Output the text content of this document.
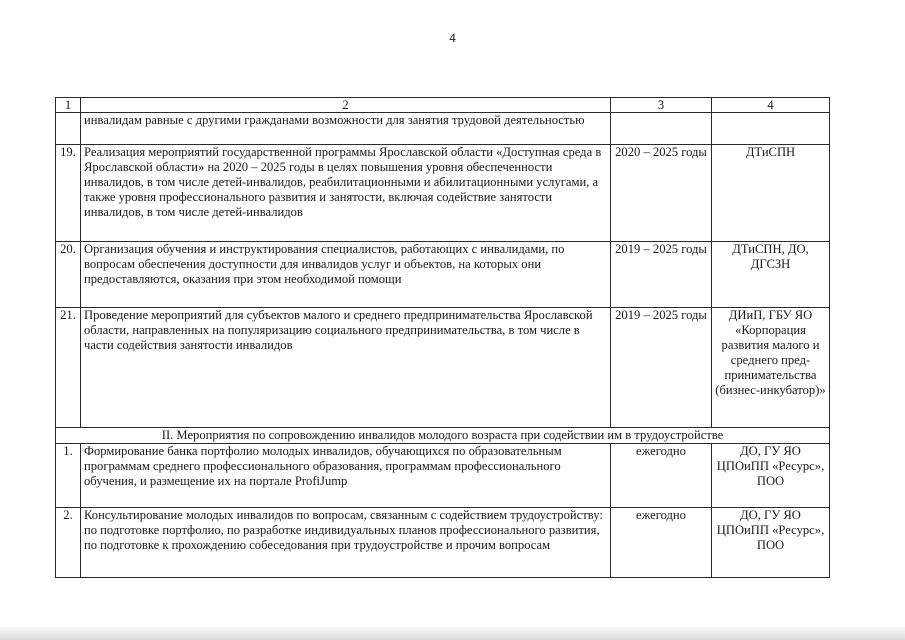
4
1	2	3	4
	инвалидам равные с другими гражданами возможности для занятия трудовой деятельностью		
19.	Реализация мероприятий государственной программы Ярославской области «Доступная среда в Ярославской области» на 2020 – 2025 годы в целях повышения уровня обеспеченности инвалидов, в том числе детей-инвалидов, реабилитационными и абилитационными услугами, а также уровня профессионального развития и занятости, включая содействие занятости инвалидов, в том числе детей-инвалидов	2020 – 2025 годы	ДТиСПН
20.	Организация обучения и инструктирования специалистов, работающих с инвалидами, по вопросам обеспечения доступности для инвалидов услуг и объектов, на которых они предоставляются, оказания при этом необходимой помощи	2019 – 2025 годы	ДТиСПН, ДО, ДГСЗН
21.	Проведение мероприятий для субъектов малого и среднего предпринимательства Ярославской области, направленных на популяризацию социального предпринимательства, в том числе в части содействия занятости инвалидов	2019 – 2025 годы	ДИиП, ГБУ ЯО «Корпорация развития малого и среднего пред-принимательства (бизнес-инкубатор)»
II. Мероприятия по сопровождению инвалидов молодого возраста при содействии им в трудоустройстве			
1.	Формирование банка портфолио молодых инвалидов, обучающихся по образовательным программам среднего профессионального образования, программам профессионального обучения, и размещение их на портале ProfiJump	ежегодно	ДО, ГУ ЯО ЦПОиПП «Ресурс», ПОО
2.	Консультирование молодых инвалидов по вопросам, связанным с содействием трудоустройству: по подготовке портфолио, по разработке индивидуальных планов профессионального развития, по подготовке к прохождению собеседования при трудоустройстве и прочим вопросам	ежегодно	ДО, ГУ ЯО ЦПОиПП «Ресурс», ПОО
